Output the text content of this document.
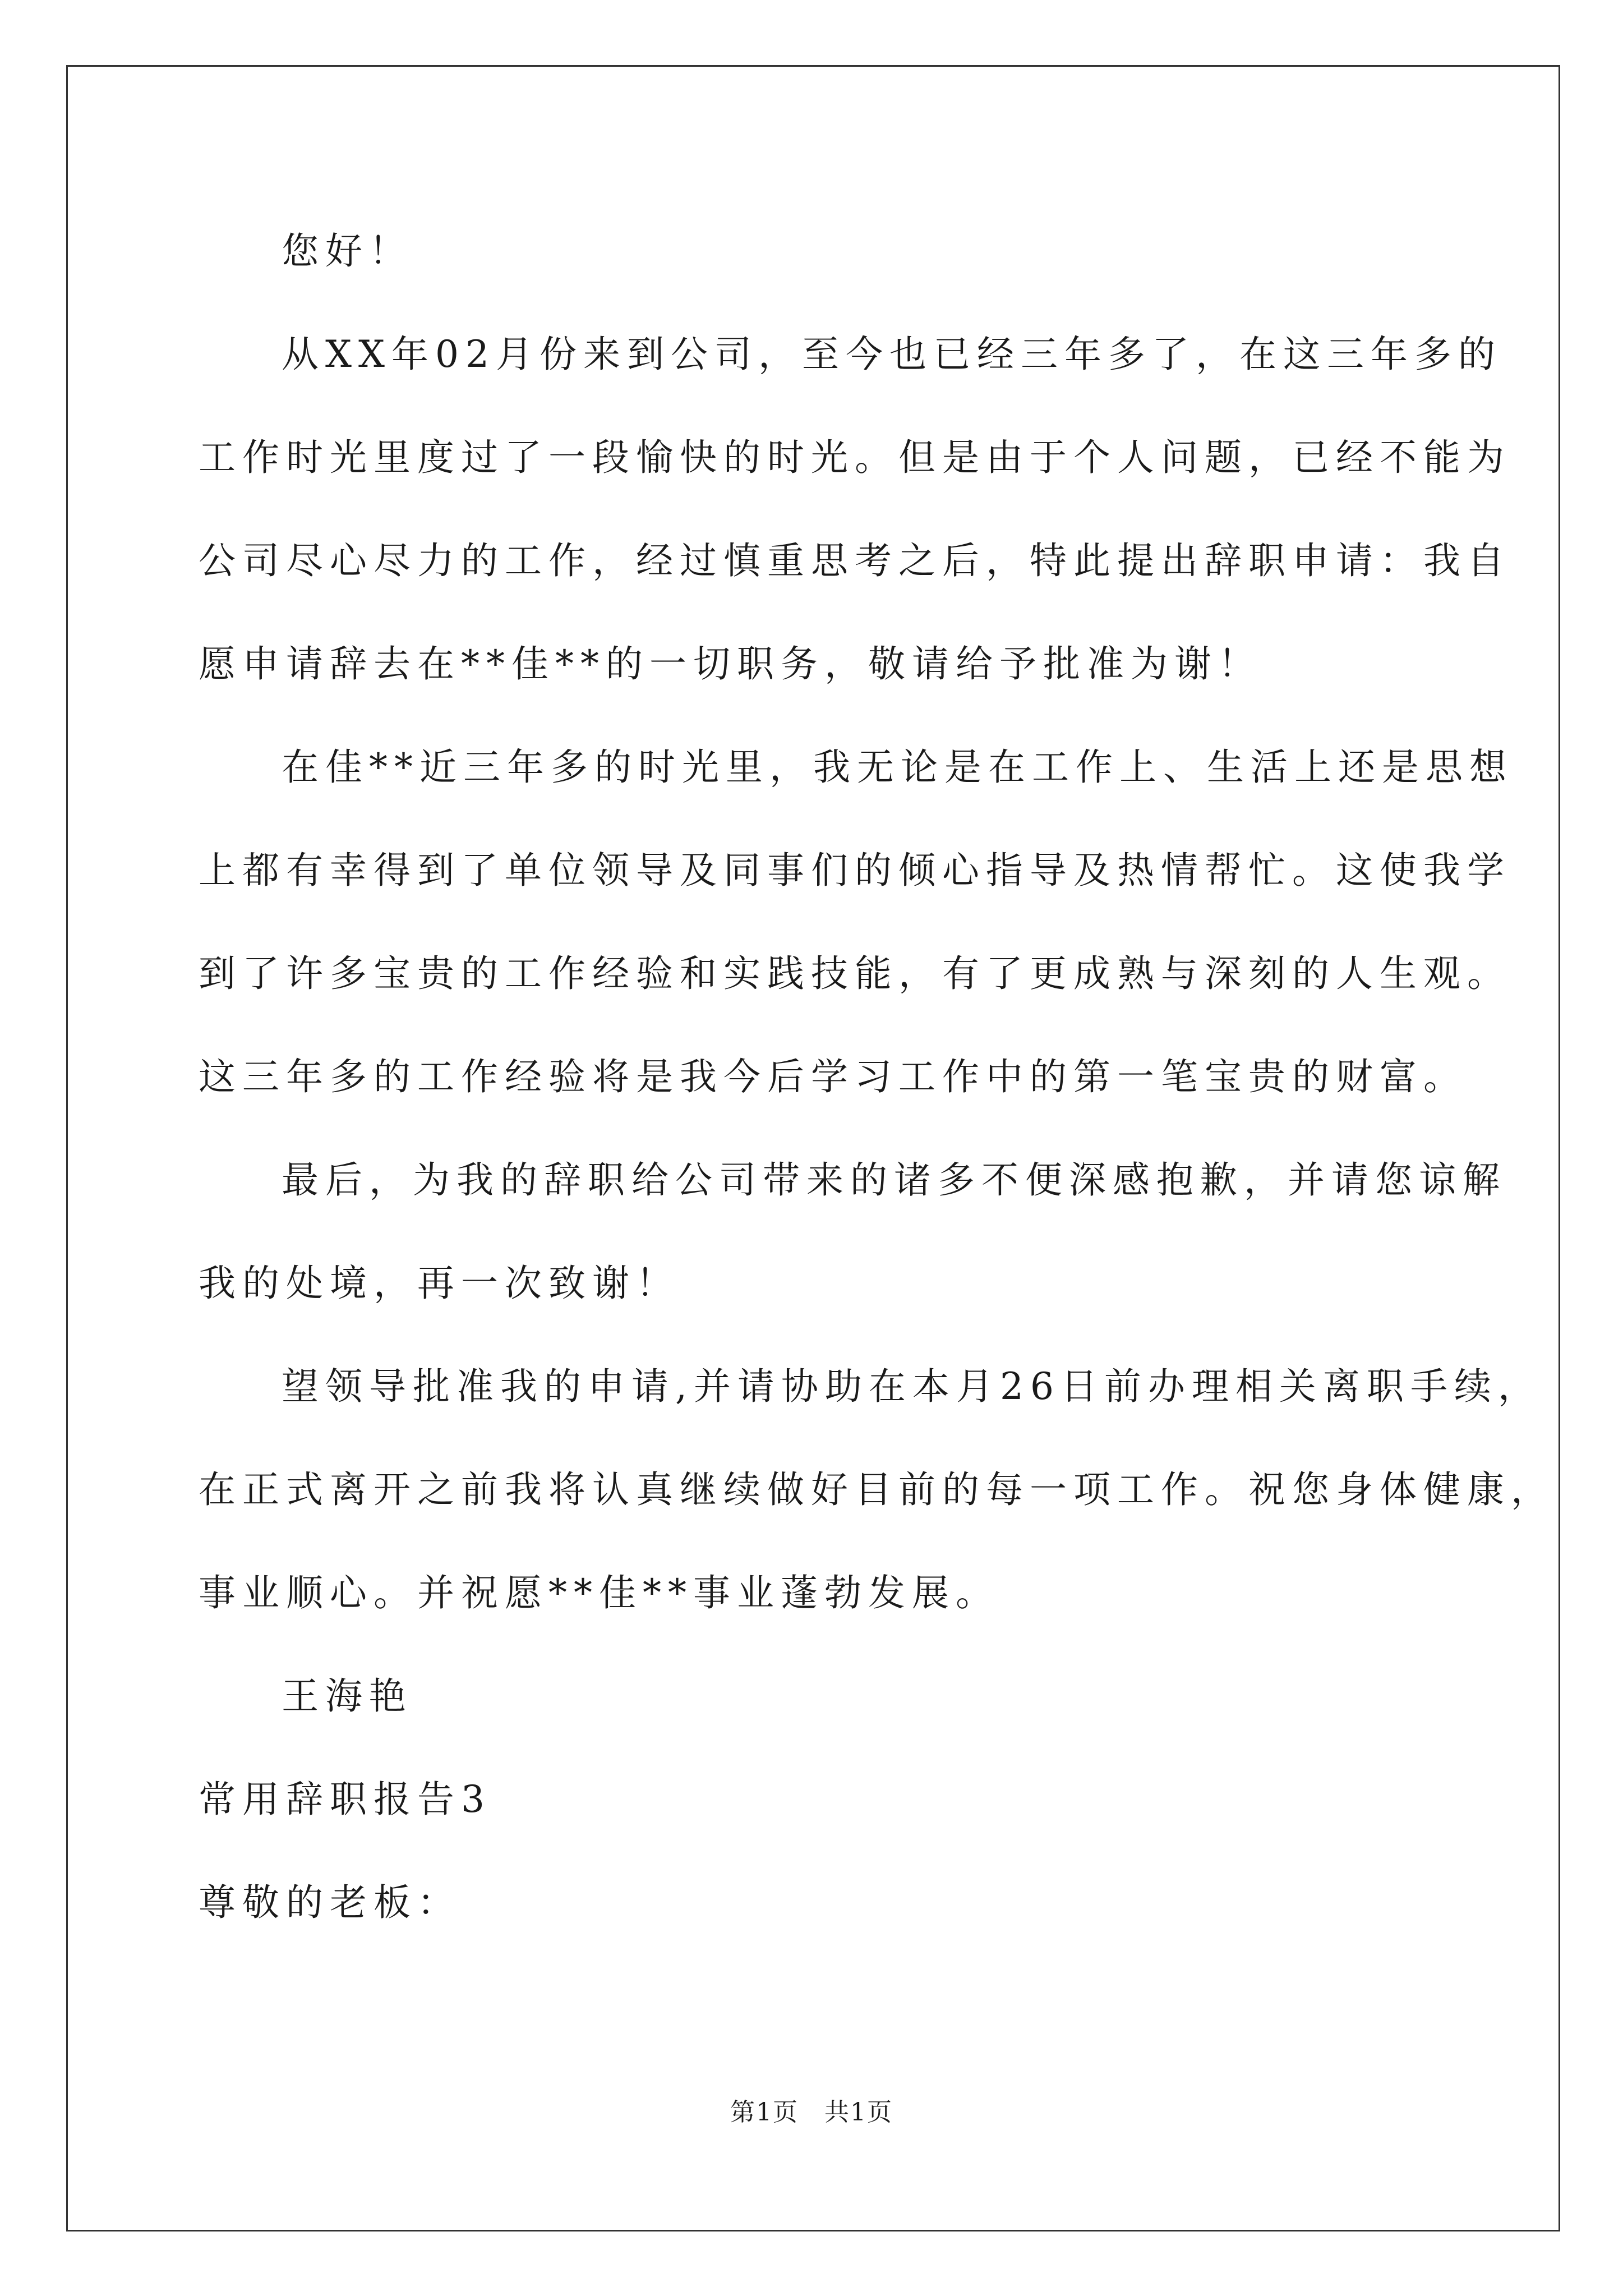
您好！
从XX年02月份来到公司，至今也已经三年多了，在这三年多的
工作时光里度过了一段愉快的时光。但是由于个人问题，已经不能为
公司尽心尽力的工作，经过慎重思考之后，特此提出辞职申请：我自
愿申请辞去在**佳**的一切职务，敬请给予批准为谢！
在佳**近三年多的时光里，我无论是在工作上、生活上还是思想
上都有幸得到了单位领导及同事们的倾心指导及热情帮忙。这使我学
到了许多宝贵的工作经验和实践技能，有了更成熟与深刻的人生观。
这三年多的工作经验将是我今后学习工作中的第一笔宝贵的财富。
最后，为我的辞职给公司带来的诸多不便深感抱歉，并请您谅解
我的处境，再一次致谢！
望领导批准我的申请,并请协助在本月26日前办理相关离职手续，
在正式离开之前我将认真继续做好目前的每一项工作。祝您身体健康，
事业顺心。并祝愿**佳**事业蓬勃发展。
王海艳
常用辞职报告3
尊敬的老板：
第1页　共1页
